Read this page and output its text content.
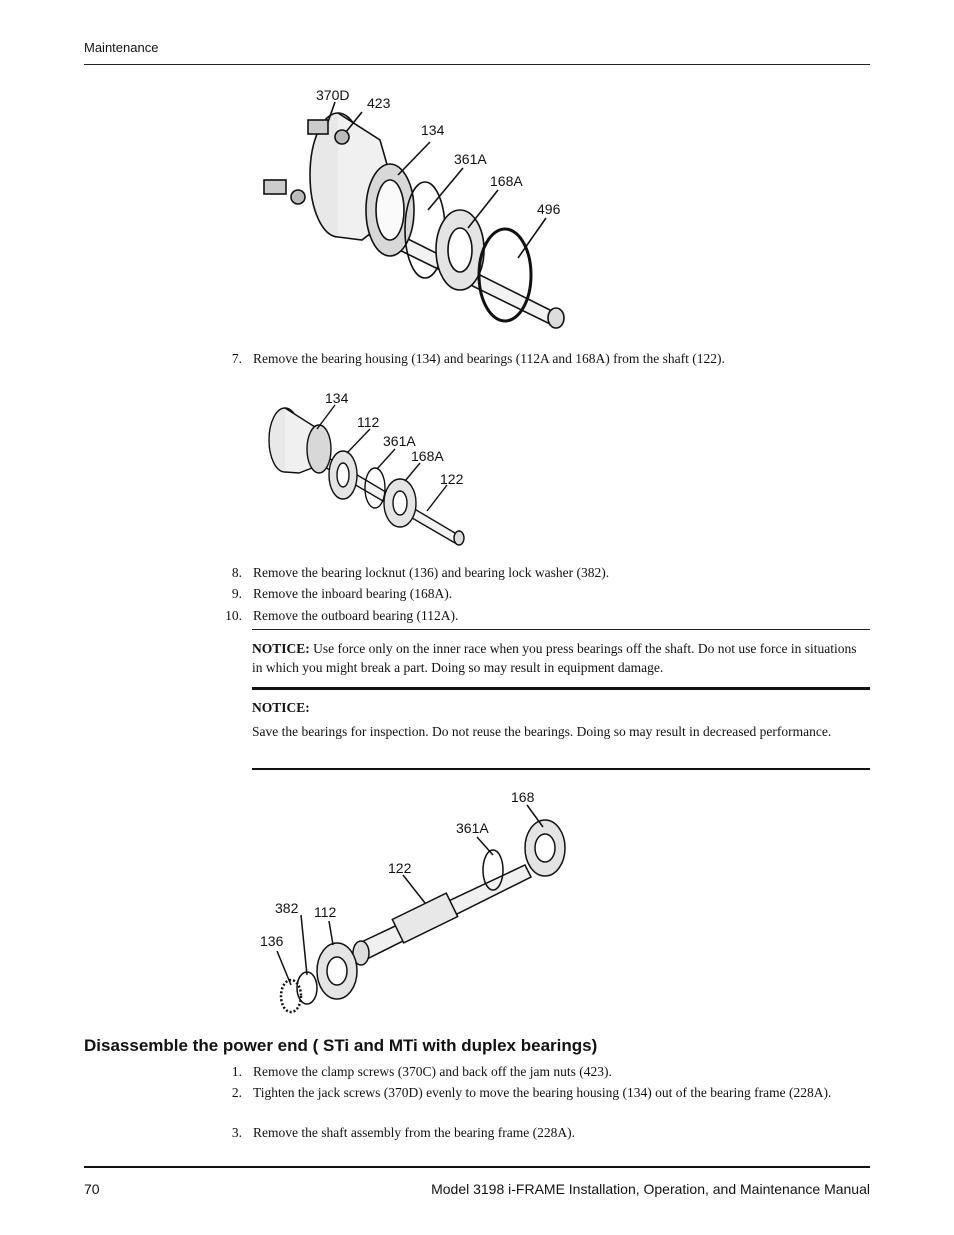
Maintenance
370D 423
134
361A
168A
496
7. Remove the bearing housing (134) and bearings (112A and 168A) from the shaft (122).
134
112
361A
168A
122
8. Remove the bearing locknut (136) and bearing lock washer (382).
9. Remove the inboard bearing (168A).
10. Remove the outboard bearing (112A).
NOTICE: Use force only on the inner race when you press bearings off the shaft. Do not use force in situations in which you might break a part. Doing so may result in equipment damage.
NOTICE:
Save the bearings for inspection. Do not reuse the bearings. Doing so may result in decreased performance.
168
361A
122
382 112
136
Disassemble the power end ( STi and MTi with duplex bearings)
1. Remove the clamp screws (370C) and back off the jam nuts (423).
2. Tighten the jack screws (370D) evenly to move the bearing housing (134) out of the bearing frame (228A).
3. Remove the shaft assembly from the bearing frame (228A).
70	Model 3198 i-FRAME Installation, Operation, and Maintenance Manual
